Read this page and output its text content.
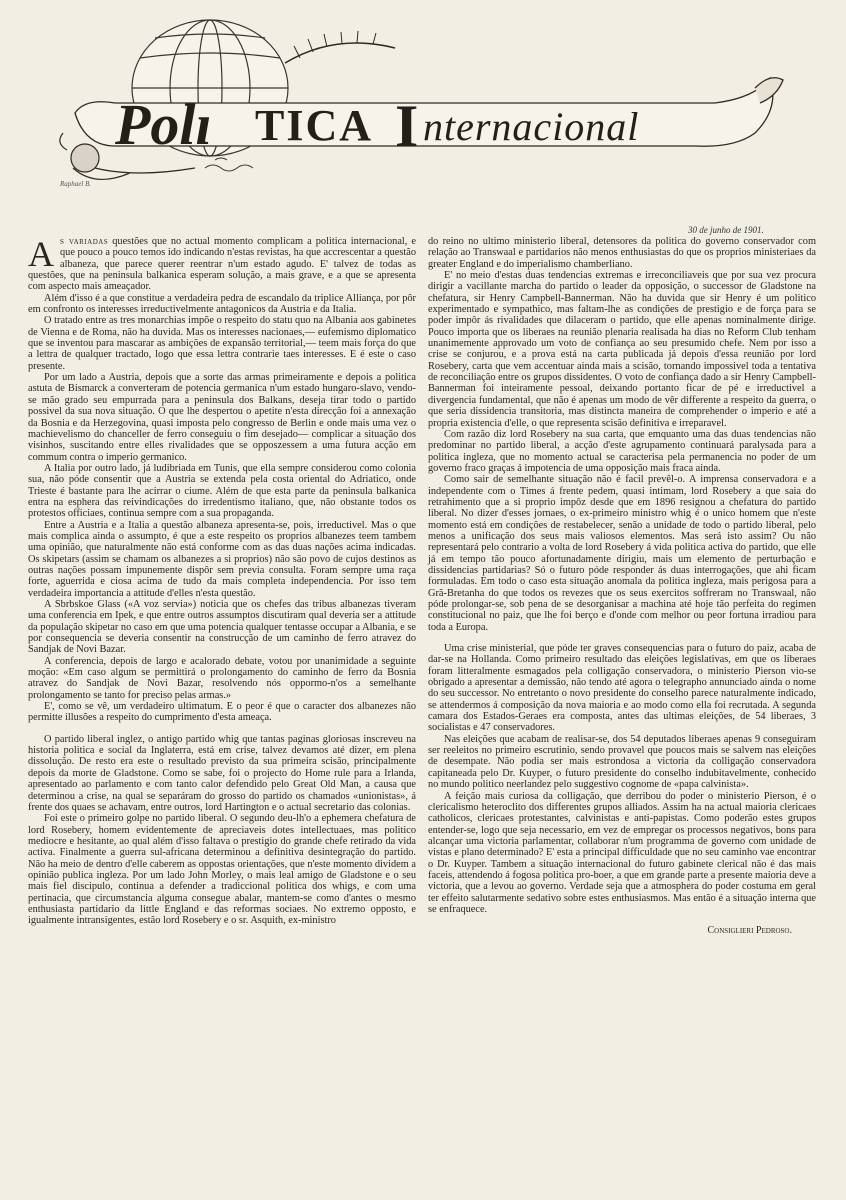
Polı TICA I nternacional
Raphael B.
30 de junho de 1901.

As variadas questões que no actual momento complicam a politica internacional, e que pouco a pouco temos ido indicando n'estas revistas, ha que accrescentar a questão albaneza, que parece querer reentrar n'um estado agudo. E' talvez de todas as questões, que na peninsula balkanica esperam solução, a mais grave, e a que se apresenta com aspecto mais ameaçador.

Além d'isso é a que constitue a verdadeira pedra de escandalo da triplice Alliança, por pôr em confronto os interesses irreductivelmente antagonicos da Austria e da Italia.

O tratado entre as tres monarchias impõe o respeito do statu quo na Albania aos gabinetes de Vienna e de Roma, não ha duvida. Mas os interesses nacionaes,— eufemismo diplomatico que se inventou para mascarar as ambições de expansão territorial,— teem mais força do que a lettra de qualquer tractado, logo que essa lettra contrarie taes interesses. E é este o caso presente.

Por um lado a Austria, depois que a sorte das armas primeiramente e depois a politica astuta de Bismarck a converteram de potencia germanica n'um estado hungaro-slavo, vendo-se mão grado seu empurrada para a peninsula dos Balkans, deseja tirar todo o partido possivel da sua nova situação. O que lhe despertou o apetite n'esta direcção foi a annexação da Bosnia e da Herzegovina, quasi imposta pelo congresso de Berlin e onde mais uma vez o machievelismo do chanceller de ferro conseguiu o fim desejado— complicar a situação dos visinhos, suscitando entre elles rivalidades que se opposzessem a uma futura acção em commum contra o imperio germanico.

A Italia por outro lado, já ludibriada em Tunis, que ella sempre considerou como colonia sua, não póde consentir que a Austria se extenda pela costa oriental do Adriatico, onde Trieste é bastante para lhe acirrar o ciume. Além de que esta parte da peninsula balkanica entra na esphera das reivindicações do irredentismo italiano, que, não obstante todos os protestos officiaes, continua sempre com a sua propaganda.

Entre a Austria e a Italia a questão albaneza apresenta-se, pois, irreductivel. Mas o que mais complica ainda o assumpto, é que a este respeito os proprios albanezes teem tambem uma opinião, que naturalmente não está conforme com as das duas nações acima indicadas. Os skipetars (assim se chamam os albanezes a si proprios) não são povo de cujos destinos as outras nações possam impunemente dispôr sem previa consulta. Foram sempre uma raça forte, aguerrida e ciosa acima de tudo da mais completa independencia. Por isso tem verdadeira importancia a attitude d'elles n'esta questão.

A Sbrbskoe Glass («A voz servia») noticia que os chefes das tribus albanezas tiveram uma conferencia em Ipek, e que entre outros assumptos discutiram qual deveria ser a attitude da população skipetar no caso em que uma potencia qualquer tentasse occupar a Albania, e se por consequencia se deveria consentir na construcção de um caminho de ferro atravez do Sandjak de Novi Bazar.

A conferencia, depois de largo e acalorado debate, votou por unanimidade a seguinte moção: «Em caso algum se permittirá o prolongamento do caminho de ferro da Bosnia atravez do Sandjak de Novi Bazar, resolvendo nós oppormo-n'os a semelhante prolongamento se tanto for preciso pelas armas.»

E', como se vê, um verdadeiro ultimatum. E o peor é que o caracter dos albanezes não permitte illusões a respeito do cumprimento d'esta ameaça.

O partido liberal inglez, o antigo partido whig que tantas paginas gloriosas inscreveu na historia politica e social da Inglaterra, está em crise, talvez devamos até dizer, em plena dissolução. De resto era este o resultado previsto da sua primeira scisão, principalmente depois da morte de Gladstone. Como se sabe, foi o projecto do Home rule para a Irlanda, apresentado ao parlamento e com tanto calor defendido pelo Great Old Man, a causa que determinou a crise, na qual se separáram do grosso do partido os chamados «unionistas», á frente dos quaes se achavam, entre outros, lord Hartington e o actual secretario das colonias.

Foi este o primeiro golpe no partido liberal. O segundo deu-lh'o a ephemera chefatura de lord Rosebery, homem evidentemente de apreciaveis dotes intellectuaes, mas politico mediocre e hesitante, ao qual além d'isso faltava o prestigio do grande chefe retirado da vida activa. Finalmente a guerra sul-africana determinou a definitiva desintegração do partido. Não ha meio de dentro d'elle caberem as oppostas orientações, que n'este momento dividem a opinião publica ingleza. Por um lado John Morley, o mais leal amigo de Gladstone e o seu mais fiel discipulo, continua a defender a tradiccional politica dos whigs, e com uma pertinacia, que circumstancia alguma consegue abalar, mantem-se como d'antes o mesmo enthusiasta partidario da little England e das reformas sociaes. No extremo opposto, e igualmente intransigentes, estão lord Rosebery e o sr. Asquith, ex-ministro

do reino no ultimo ministerio liberal, detensores da politica do governo conservador com relação ao Transwaal e partidarios não menos enthusiastas do que os proprios ministeriaes da greater England e do imperialismo chamberliano.

E' no meio d'estas duas tendencias extremas e irreconciliaveis que por sua vez procura dirigir a vacillante marcha do partido o leader da opposição, o successor de Gladstone na chefatura, sir Henry Campbell-Bannerman. Não ha duvida que sir Henry é um politico experimentado e sympathico, mas faltam-lhe as condições de prestigio e de força para se poder impôr ás rivalidades que dilaceram o partido, que elle apenas nominalmente dirige. Pouco importa que os liberaes na reunião plenaria realisada ha dias no Reform Club tenham unanimemente approvado um voto de confiança ao seu presumido chefe. Nem por isso a crise se conjurou, e a prova está na carta publicada já depois d'essa reunião por lord Rosebery, carta que vem accentuar ainda mais a scisão, tornando impossivel toda a tentativa de reconciliação entre os grupos dissidentes. O voto de confiança dado a sir Henry Campbell-Bannerman foi inteiramente pessoal, deixando portanto ficar de pé e irreductivel a divergencia fundamental, que não é apenas um modo de vêr differente a respeito da guerra, o que seria dissidencia transitoria, mas distincta maneira de comprehender o imperio e até a propria existencia d'elle, o que representa scisão definitiva e irreparavel.

Com razão diz lord Rosebery na sua carta, que emquanto uma das duas tendencias não predominar no partido liberal, a acção d'este agrupamento continuará paralysada para a politica ingleza, que no momento actual se caracterisa pela permanencia no poder de um governo fraco graças á impotencia de uma opposição mais fraca ainda.

Como sair de semelhante situação não é facil prevêl-o. A imprensa conservadora e a independente com o Times á frente pedem, quasi intimam, lord Rosebery a que saia do retrahimento que a si proprio impôz desde que em 1896 resignou a chefatura do partido liberal. No dizer d'esses jornaes, o ex-primeiro ministro whig é o unico homem que n'este momento está em condições de restabelecer, senão a unidade de todo o partido liberal, pelo menos a unificação dos seus mais valiosos elementos. Mas será isto assim? Ou não representará pelo contrario a volta de lord Rosebery á vida politica activa do partido, que elle já em tempo tão pouco afortunadamente dirigiu, mais um elemento de perturbação e dissidencias partidarias? Só o futuro póde responder ás duas interrogações, que ahi ficam formuladas. Em todo o caso esta situação anomala da politica ingleza, mais perigosa para a Grã-Bretanha do que todos os revezes que os seus exercitos soffreram no Transwaal, não póde prolongar-se, sob pena de se desorganisar a machina até hoje tão perfeita do regimen constitucional no paiz, que lhe foi berço e d'onde com melhor ou peor fortuna irradiou para toda a Europa.

Uma crise ministerial, que póde ter graves consequencias para o futuro do paiz, acaba de dar-se na Hollanda. Como primeiro resultado das eleições legislativas, em que os liberaes foram litteralmente esmagados pela colligação conservadora, o ministerio Pierson vio-se obrigado a apresentar a demissão, não tendo até agora o telegrapho annunciado ainda o nome do seu successor. No entretanto o novo presidente do conselho parece naturalmente indicado, se attendermos á composição da nova maioria e ao modo como ella foi recrutada. A segunda camara dos Estados-Geraes era composta, antes das ultimas eleições, de 54 liberaes, 3 socialistas e 47 conservadores.

Nas eleições que acabam de realisar-se, dos 54 deputados liberaes apenas 9 conseguiram ser reeleitos no primeiro escrutinio, sendo provavel que poucos mais se salvem nas eleições de desempate. Não podia ser mais estrondosa a victoria da colligação conservadora capitaneada pelo Dr. Kuyper, o futuro presidente do conselho indubitavelmente, conhecido no mundo politico neerlandez pelo suggestivo cognome de «papa calvinista».

A feição mais curiosa da colligação, que derribou do poder o ministerio Pierson, é o clericalismo heteroclito dos differentes grupos alliados. Assim ha na actual maioria clericaes catholicos, clericaes protestantes, calvinistas e anti-papistas. Como poderão estes grupos entender-se, logo que seja necessario, em vez de empregar os processos negativos, bons para alcançar uma victoria parlamentar, collaborar n'um programma de governo com unidade de vistas e plano determinado? E' esta a principal difficuldade que no seu caminho vae encontrar o Dr. Kuyper. Tambem a situação internacional do futuro gabinete clerical não é das mais faceis, attendendo á fogosa politica pro-boer, a que em grande parte a presente maioria deve a victoria, que a levou ao governo. Verdade seja que a atmosphera do poder costuma em geral ter effeito salutarmente sedativo sobre estes enthusiasmos. Mas então é a situação interna que se enfraquece.

Consiglieri Pedroso.
